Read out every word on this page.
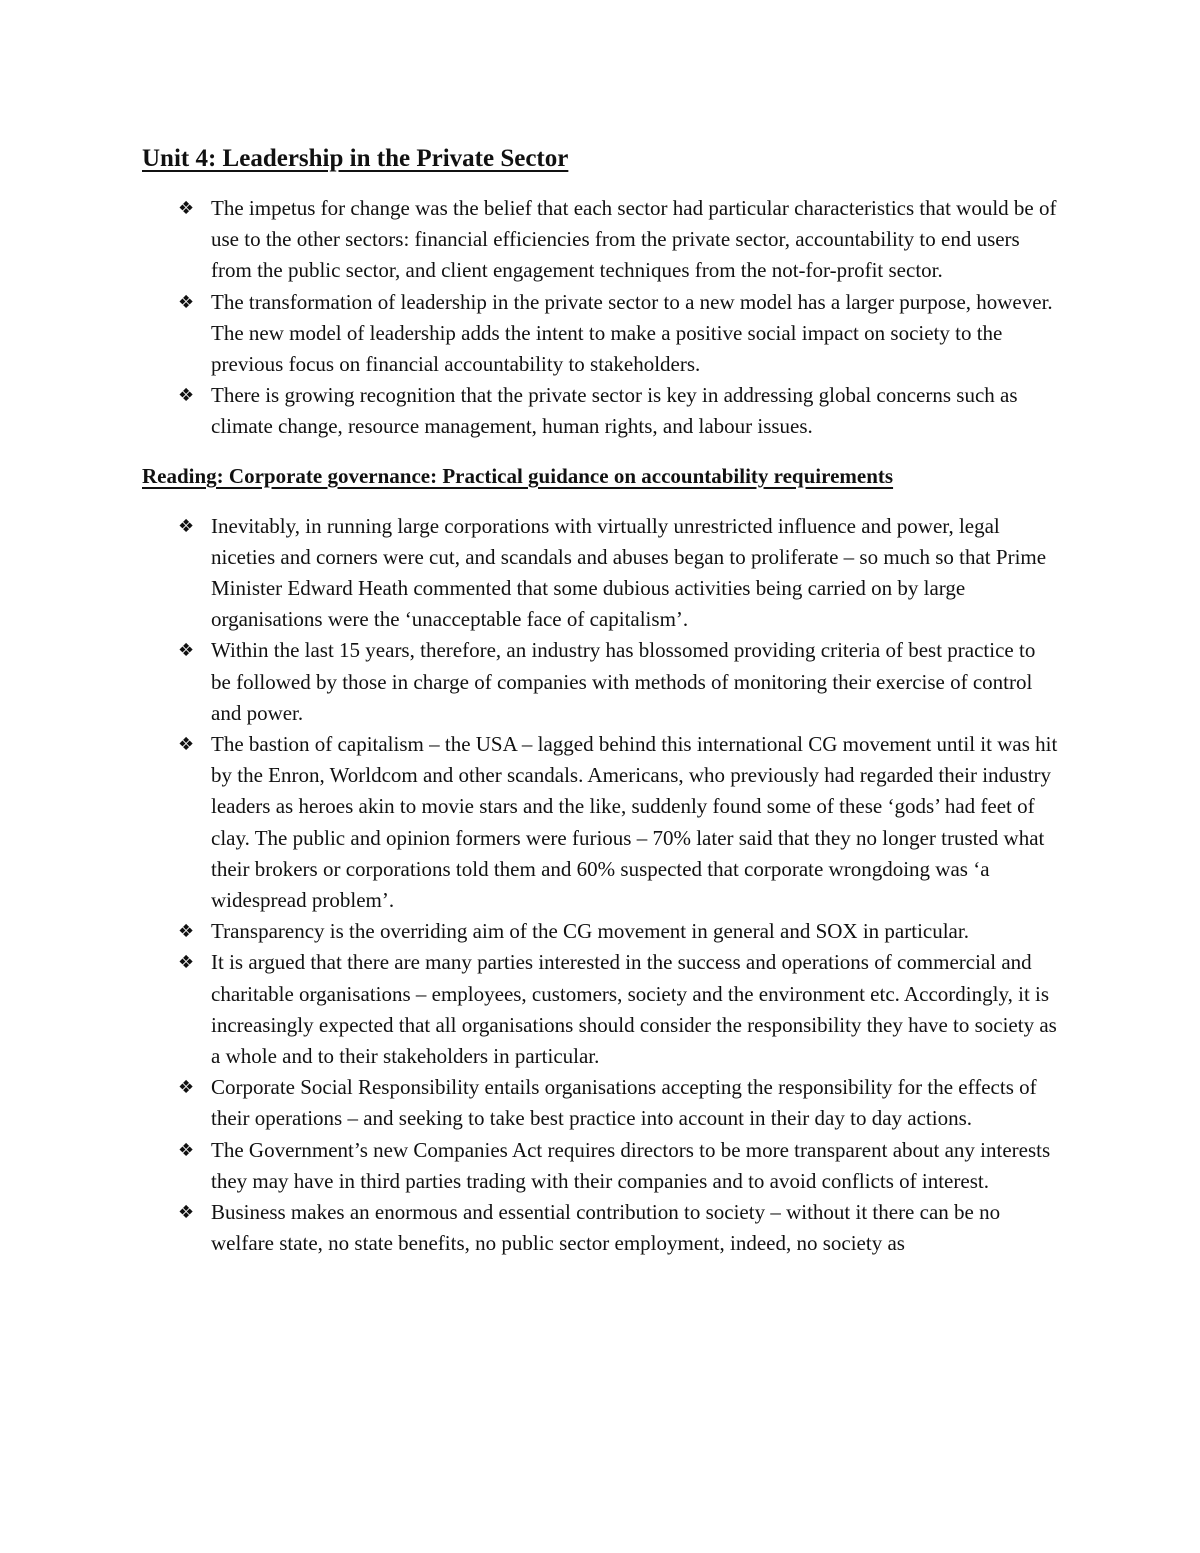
Unit 4: Leadership in the Private Sector
❖ The impetus for change was the belief that each sector had particular characteristics that would be of use to the other sectors: financial efficiencies from the private sector, accountability to end users from the public sector, and client engagement techniques from the not-for-profit sector.
❖ The transformation of leadership in the private sector to a new model has a larger purpose, however. The new model of leadership adds the intent to make a positive social impact on society to the previous focus on financial accountability to stakeholders.
❖ There is growing recognition that the private sector is key in addressing global concerns such as climate change, resource management, human rights, and labour issues.
Reading: Corporate governance: Practical guidance on accountability requirements
❖ Inevitably, in running large corporations with virtually unrestricted influence and power, legal niceties and corners were cut, and scandals and abuses began to proliferate – so much so that Prime Minister Edward Heath commented that some dubious activities being carried on by large organisations were the ‘unacceptable face of capitalism’.
❖ Within the last 15 years, therefore, an industry has blossomed providing criteria of best practice to be followed by those in charge of companies with methods of monitoring their exercise of control and power.
❖ The bastion of capitalism – the USA – lagged behind this international CG movement until it was hit by the Enron, Worldcom and other scandals. Americans, who previously had regarded their industry leaders as heroes akin to movie stars and the like, suddenly found some of these ‘gods’ had feet of clay. The public and opinion formers were furious – 70% later said that they no longer trusted what their brokers or corporations told them and 60% suspected that corporate wrongdoing was ‘a widespread problem’.
❖ Transparency is the overriding aim of the CG movement in general and SOX in particular.
❖ It is argued that there are many parties interested in the success and operations of commercial and charitable organisations – employees, customers, society and the environment etc. Accordingly, it is increasingly expected that all organisations should consider the responsibility they have to society as a whole and to their stakeholders in particular.
❖ Corporate Social Responsibility entails organisations accepting the responsibility for the effects of their operations – and seeking to take best practice into account in their day to day actions.
❖ The Government’s new Companies Act requires directors to be more transparent about any interests they may have in third parties trading with their companies and to avoid conflicts of interest.
❖ Business makes an enormous and essential contribution to society – without it there can be no welfare state, no state benefits, no public sector employment, indeed, no society as
